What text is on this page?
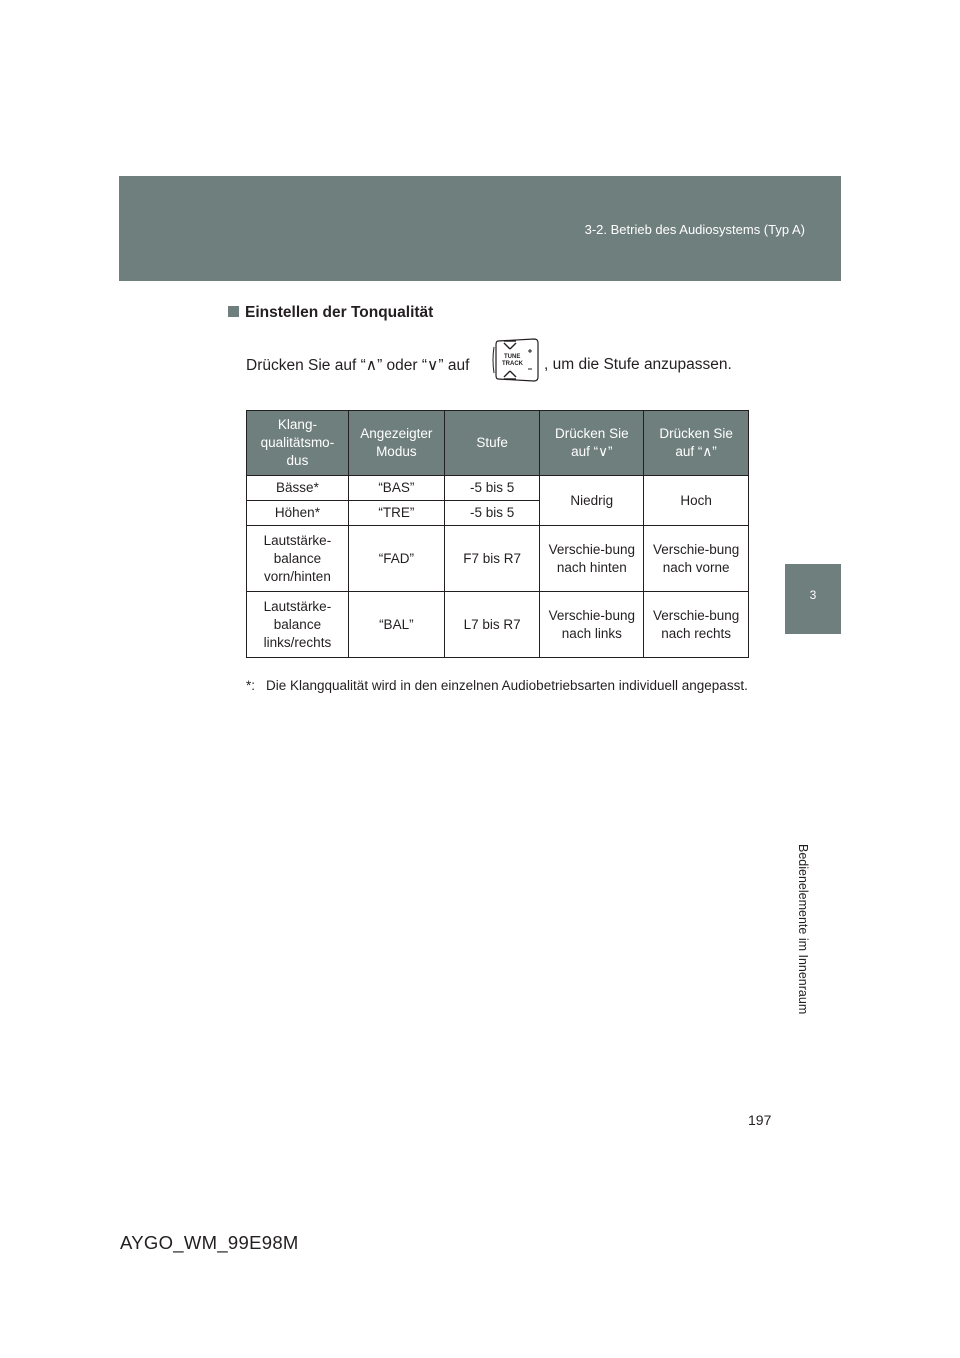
3-2. Betrieb des Audiosystems (Typ A)
3
Bedienelemente im Innenraum
Einstellen der Tonqualität
Drücken Sie auf “∧” oder “∨” auf	TUNE
TRACK , um die Stufe anzupassen.
Klang-qualitätsmo-dus	Angezeigter Modus	Stufe	Drücken Sie auf “∨”	Drücken Sie auf “∧”
Bässe*	“BAS”	-5 bis 5	Niedrig	Hoch
Höhen*	“TRE”	-5 bis 5		
Lautstärke-balance vorn/hinten	“FAD”	F7 bis R7	Verschie-bung nach hinten	Verschie-bung nach vorne
Lautstärke-balance links/rechts	“BAL”	L7 bis R7	Verschie-bung nach links	Verschie-bung nach rechts
*: Die Klangqualität wird in den einzelnen Audiobetriebsarten individuell angepasst.
197
AYGO_WM_99E98M
